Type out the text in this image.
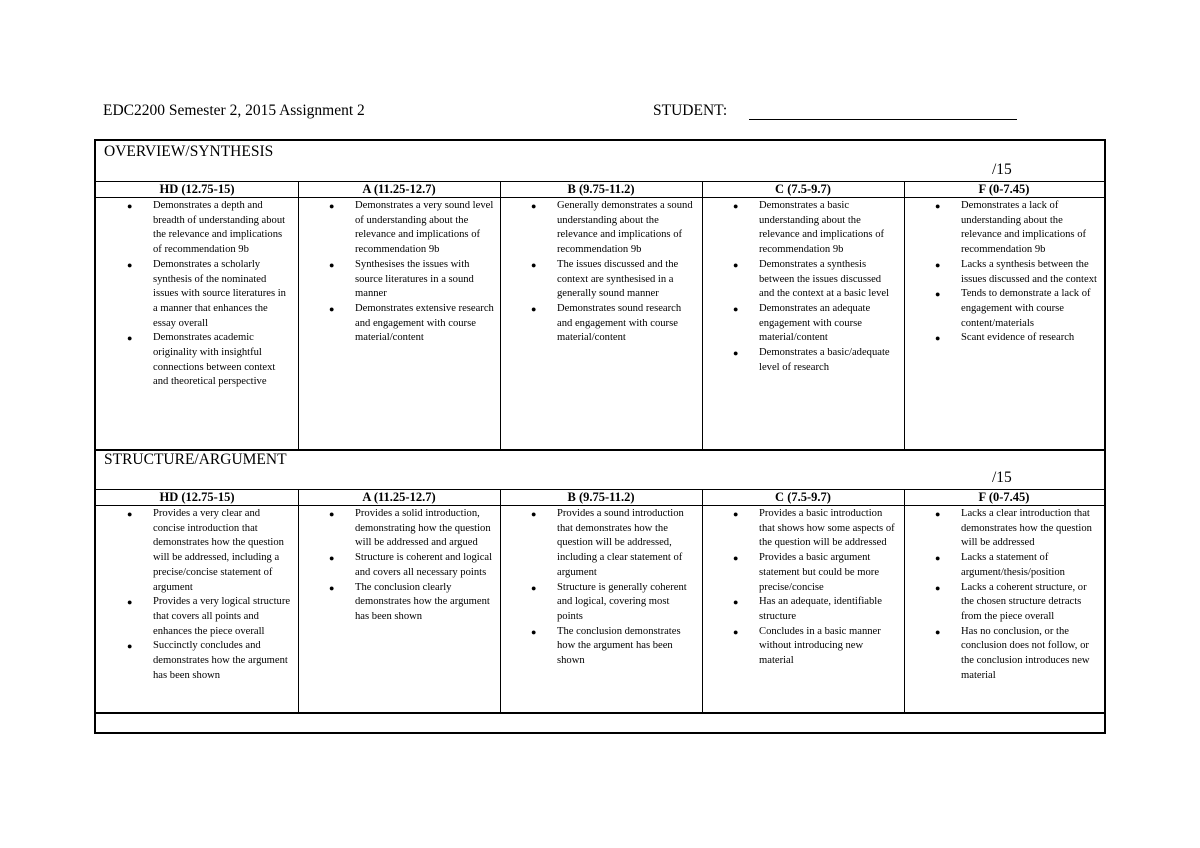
EDC2200 Semester 2, 2015 Assignment 2	STUDENT:
OVERVIEW/SYNTHESIS
/15
HD (12.75-15)
● Demonstrates a depth and breadth of understanding about the relevance and implications of recommendation 9b
● Demonstrates a scholarly synthesis of the nominated issues with source literatures in a manner that enhances the essay overall
● Demonstrates academic originality with insightful connections between context and theoretical perspective
A (11.25-12.7)
● Demonstrates a very sound level of understanding about the relevance and implications of recommendation 9b
● Synthesises the issues with source literatures in a sound manner
● Demonstrates extensive research and engagement with course material/content
B (9.75-11.2)
● Generally demonstrates a sound understanding about the relevance and implications of recommendation 9b
● The issues discussed and the context are synthesised in a generally sound manner
● Demonstrates sound research and engagement with course material/content
C (7.5-9.7)
● Demonstrates a basic understanding about the relevance and implications of recommendation 9b
● Demonstrates a synthesis between the issues discussed and the context at a basic level
● Demonstrates an adequate engagement with course material/content
● Demonstrates a basic/adequate level of research
F (0-7.45)
● Demonstrates a lack of understanding about the relevance and implications of recommendation 9b
● Lacks a synthesis between the issues discussed and the context
● Tends to demonstrate a lack of engagement with course content/materials
● Scant evidence of research
STRUCTURE/ARGUMENT
/15
HD (12.75-15)
● Provides a very clear and concise introduction that demonstrates how the question will be addressed, including a precise/concise statement of argument
● Provides a very logical structure that covers all points and enhances the piece overall
● Succinctly concludes and demonstrates how the argument has been shown
A (11.25-12.7)
● Provides a solid introduction, demonstrating how the question will be addressed and argued
● Structure is coherent and logical and covers all necessary points
● The conclusion clearly demonstrates how the argument has been shown
B (9.75-11.2)
● Provides a sound introduction that demonstrates how the question will be addressed, including a clear statement of argument
● Structure is generally coherent and logical, covering most points
● The conclusion demonstrates how the argument has been shown
C (7.5-9.7)
● Provides a basic introduction that shows how some aspects of the question will be addressed
● Provides a basic argument statement but could be more precise/concise
● Has an adequate, identifiable structure
● Concludes in a basic manner without introducing new material
F (0-7.45)
● Lacks a clear introduction that demonstrates how the question will be addressed
● Lacks a statement of argument/thesis/position
● Lacks a coherent structure, or the chosen structure detracts from the piece overall
● Has no conclusion, or the conclusion does not follow, or the conclusion introduces new material
